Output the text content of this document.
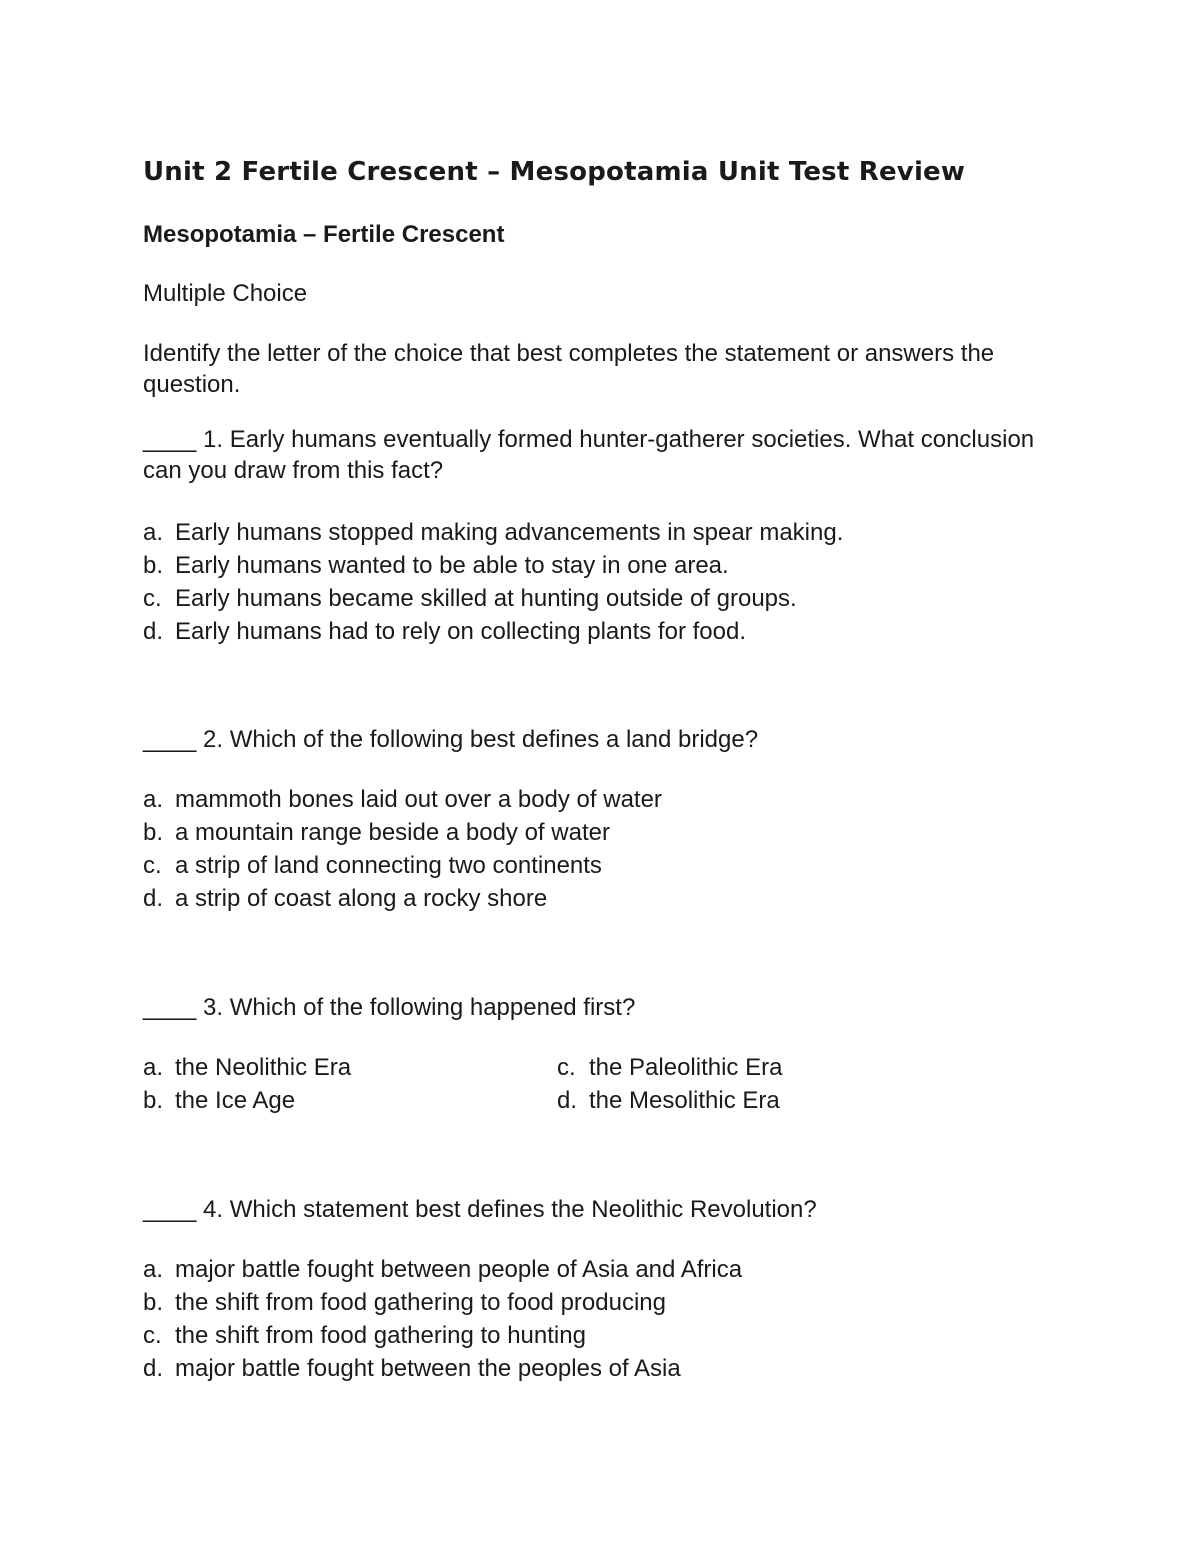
Unit 2 Fertile Crescent – Mesopotamia Unit Test Review
Mesopotamia – Fertile Crescent
Multiple Choice
Identify the letter of the choice that best completes the statement or answers the question.
____ 1. Early humans eventually formed hunter-gatherer societies. What conclusion can you draw from this fact?
a. Early humans stopped making advancements in spear making.
b. Early humans wanted to be able to stay in one area.
c. Early humans became skilled at hunting outside of groups.
d. Early humans had to rely on collecting plants for food.
____ 2. Which of the following best defines a land bridge?
a. mammoth bones laid out over a body of water
b. a mountain range beside a body of water
c. a strip of land connecting two continents
d. a strip of coast along a rocky shore
____ 3. Which of the following happened first?
a. the Neolithic Era	c. the Paleolithic Era
b. the Ice Age	d. the Mesolithic Era
____ 4. Which statement best defines the Neolithic Revolution?
a. major battle fought between people of Asia and Africa
b. the shift from food gathering to food producing
c. the shift from food gathering to hunting
d. major battle fought between the peoples of Asia
